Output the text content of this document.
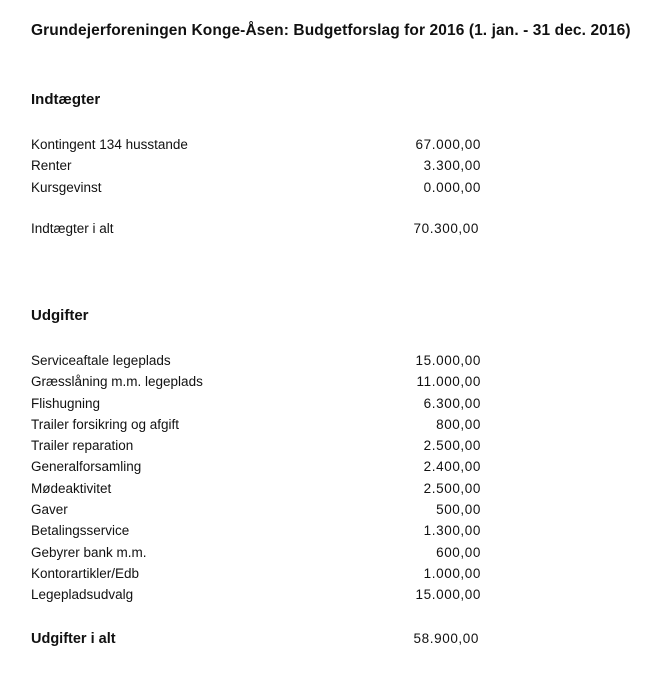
Grundejerforeningen Konge-Åsen: Budgetforslag for 2016 (1. jan. - 31 dec. 2016)
Indtægter
Kontingent 134 husstande	67.000,00
Renter	3.300,00
Kursgevinst	0.000,00
Indtægter i alt	70.300,00
Udgifter
Serviceaftale legeplads	15.000,00
Græsslåning m.m. legeplads	11.000,00
Flishugning	6.300,00
Trailer forsikring og afgift	800,00
Trailer reparation	2.500,00
Generalforsamling	2.400,00
Mødeaktivitet	2.500,00
Gaver	500,00
Betalingsservice	1.300,00
Gebyrer bank m.m.	600,00
Kontorartikler/Edb	1.000,00
Legepladsudvalg	15.000,00
Udgifter i alt	58.900,00
